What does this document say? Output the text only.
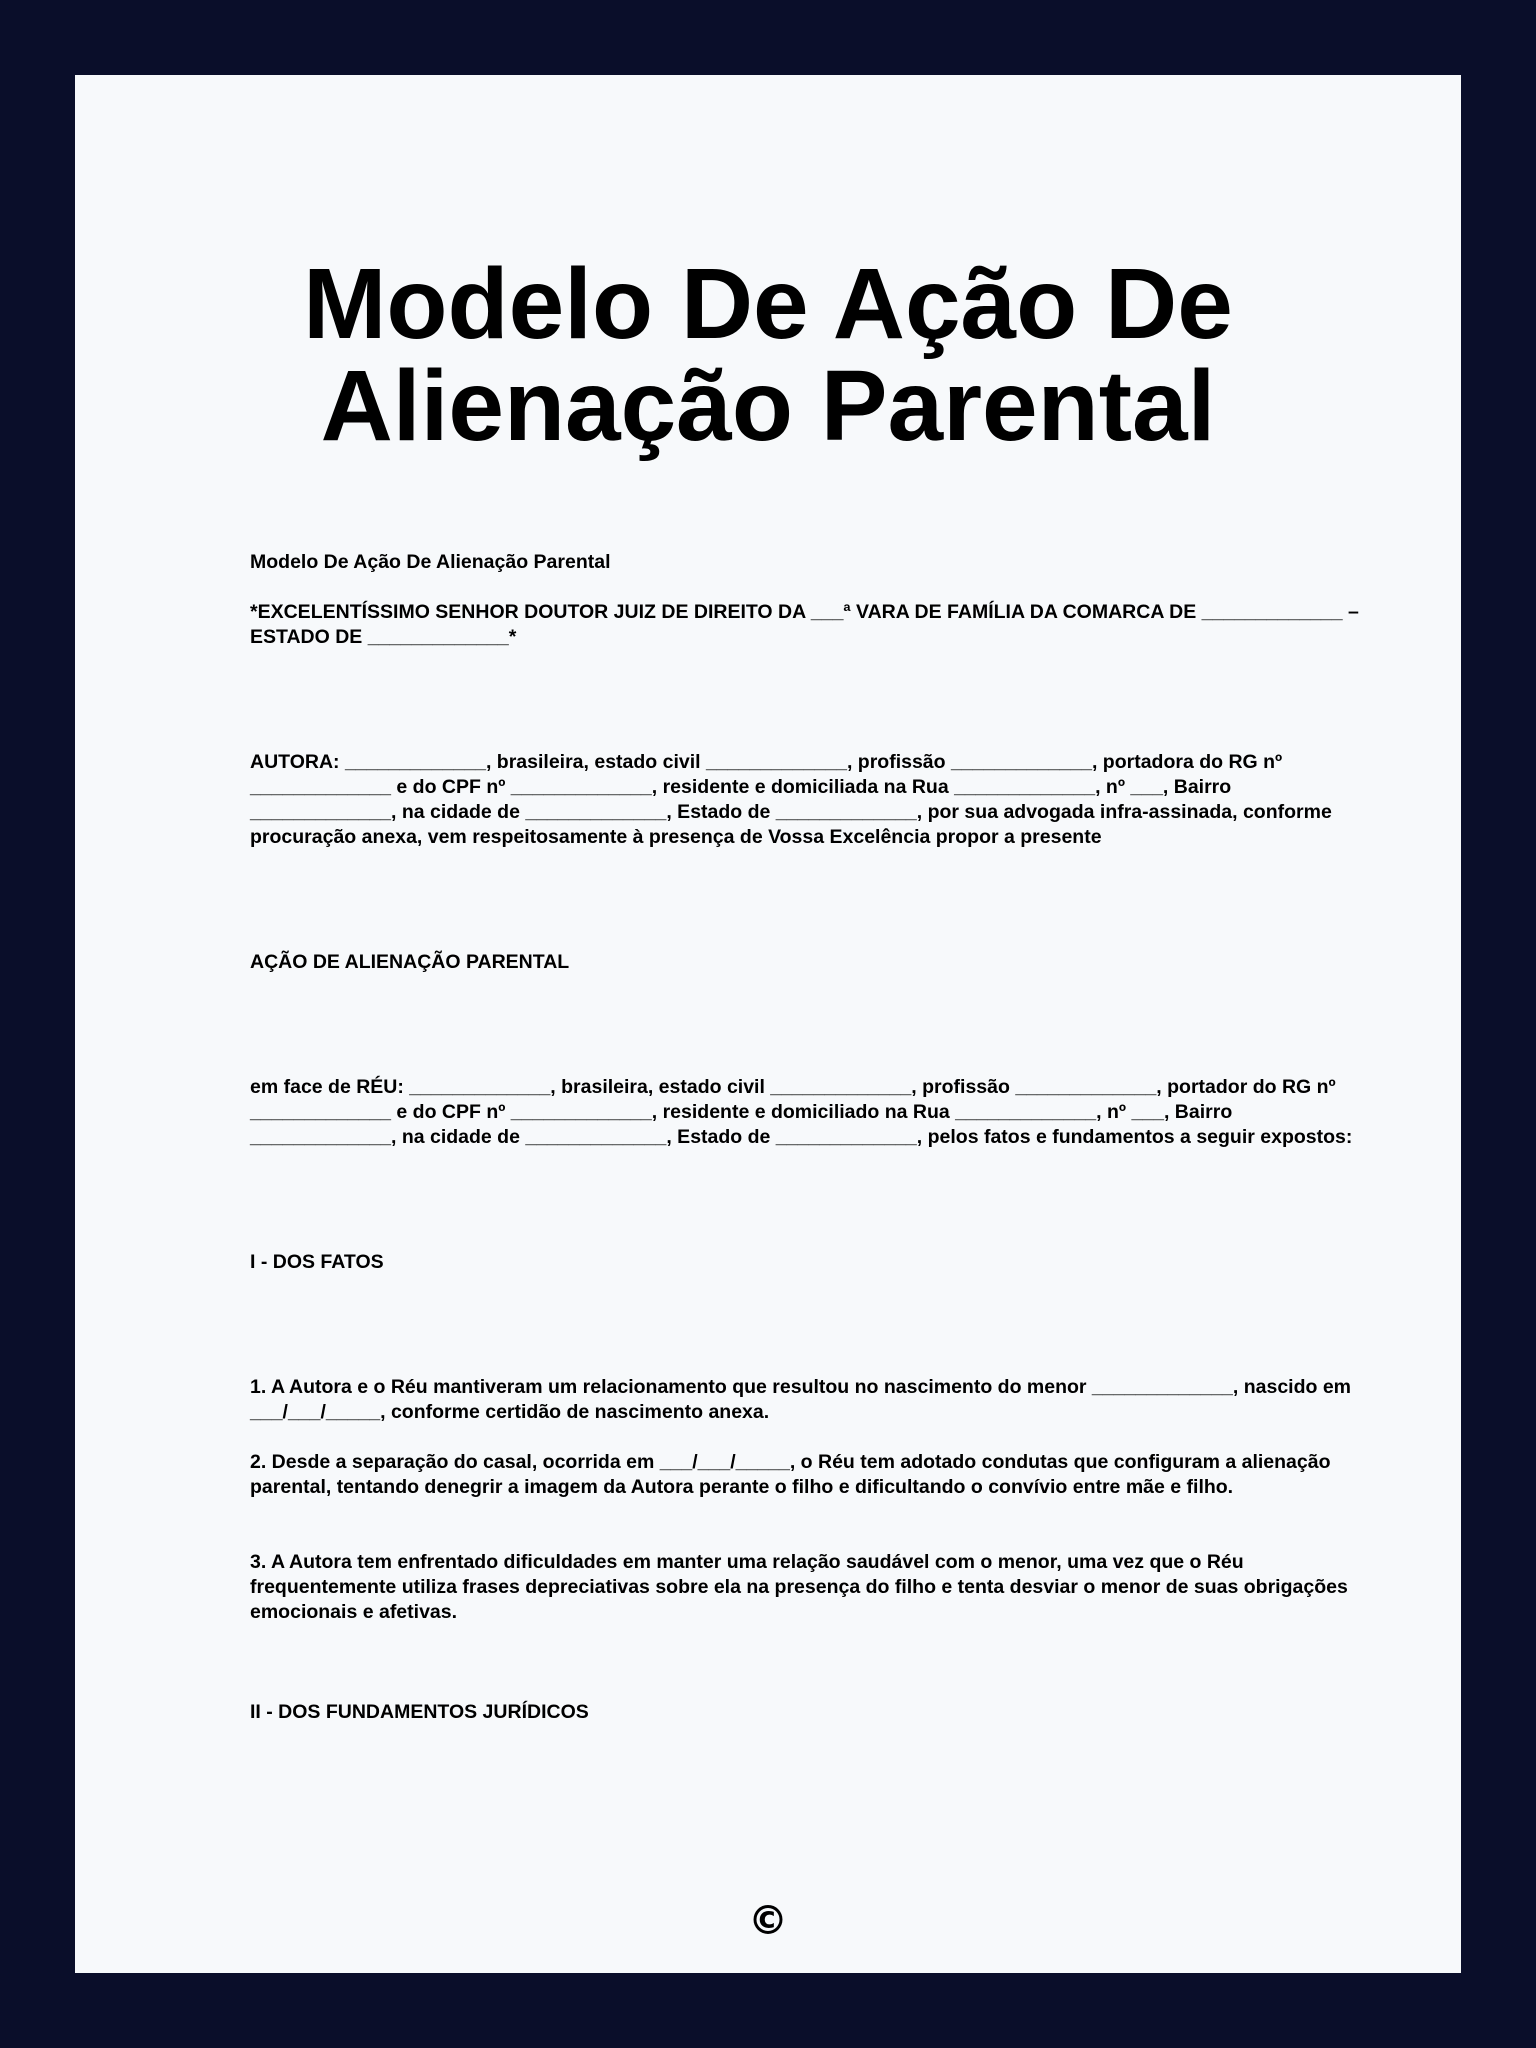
Modelo De Ação De Alienação Parental

Modelo De Ação De Alienação Parental

*EXCELENTÍSSIMO SENHOR DOUTOR JUIZ DE DIREITO DA ___ª VARA DE FAMÍLIA DA COMARCA DE _____________ – ESTADO DE _____________*

AUTORA: _____________, brasileira, estado civil _____________, profissão _____________, portadora do RG nº _____________ e do CPF nº _____________, residente e domiciliada na Rua _____________, nº ___, Bairro _____________, na cidade de _____________, Estado de _____________, por sua advogada infra-assinada, conforme procuração anexa, vem respeitosamente à presença de Vossa Excelência propor a presente

AÇÃO DE ALIENAÇÃO PARENTAL

em face de RÉU: _____________, brasileira, estado civil _____________, profissão _____________, portador do RG nº _____________ e do CPF nº _____________, residente e domiciliado na Rua _____________, nº ___, Bairro _____________, na cidade de _____________, Estado de _____________, pelos fatos e fundamentos a seguir expostos:

I - DOS FATOS

1. A Autora e o Réu mantiveram um relacionamento que resultou no nascimento do menor _____________, nascido em ___/___/_____, conforme certidão de nascimento anexa.

2. Desde a separação do casal, ocorrida em ___/___/_____, o Réu tem adotado condutas que configuram a alienação parental, tentando denegrir a imagem da Autora perante o filho e dificultando o convívio entre mãe e filho.

3. A Autora tem enfrentado dificuldades em manter uma relação saudável com o menor, uma vez que o Réu frequentemente utiliza frases depreciativas sobre ela na presença do filho e tenta desviar o menor de suas obrigações emocionais e afetivas.

II - DOS FUNDAMENTOS JURÍDICOS

©
